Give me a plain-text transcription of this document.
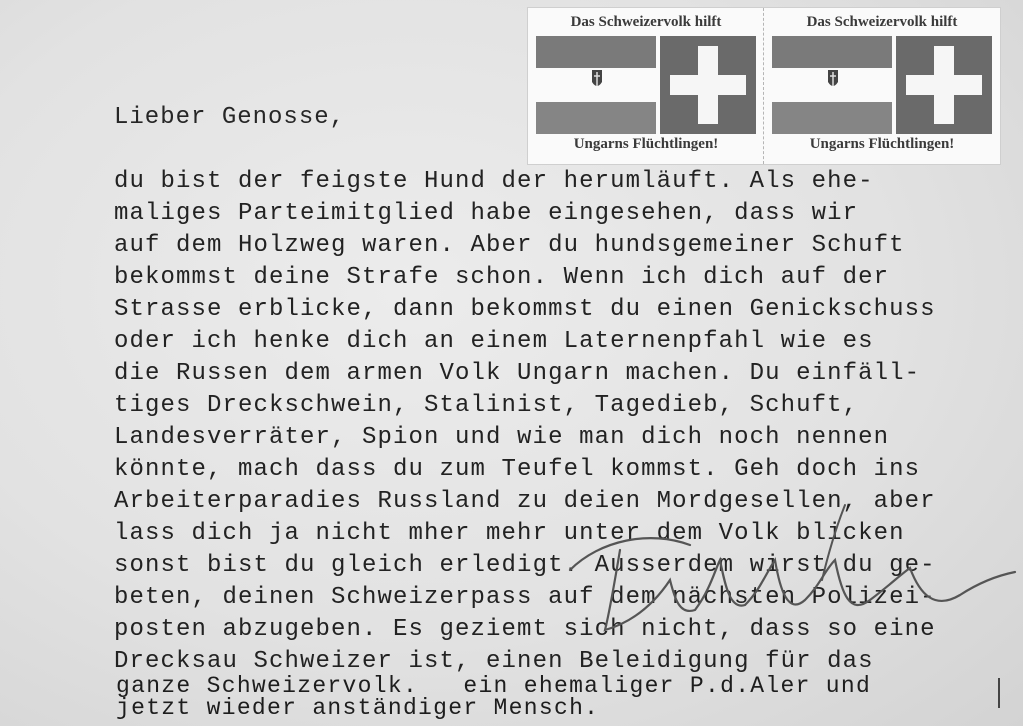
Das Schweizervolk hilft
Ungarns Flüchtlingen!
Das Schweizervolk hilft
Ungarns Flüchtlingen!
Lieber Genosse,
du bist der feigste Hund der herumläuft. Als ehe-
maliges Parteimitglied habe eingesehen, dass wir
auf dem Holzweg waren. Aber du hundsgemeiner Schuft
bekommst deine Strafe schon. Wenn ich dich auf der
Strasse erblicke, dann bekommst du einen Genickschuss
oder ich henke dich an einem Laternenpfahl wie es
die Russen dem armen Volk Ungarn machen. Du einfäll-
tiges Dreckschwein, Stalinist, Tagedieb, Schuft,
Landesverräter, Spion und wie man dich noch nennen
könnte, mach dass du zum Teufel kommst. Geh doch ins
Arbeiterparadies Russland zu deien Mordgesellen, aber
lass dich ja nicht mher mehr unter dem Volk blicken
sonst bist du gleich erledigt. Ausserdem wirst du ge-
beten, deinen Schweizerpass auf dem nächsten Polizei-
posten abzugeben. Es geziemt sich nicht, dass so eine
Drecksau Schweizer ist, einen Beleidigung für das
ganze Schweizervolk.   ein ehemaliger P.d.Aler und
jetzt wieder anständiger Mensch.
